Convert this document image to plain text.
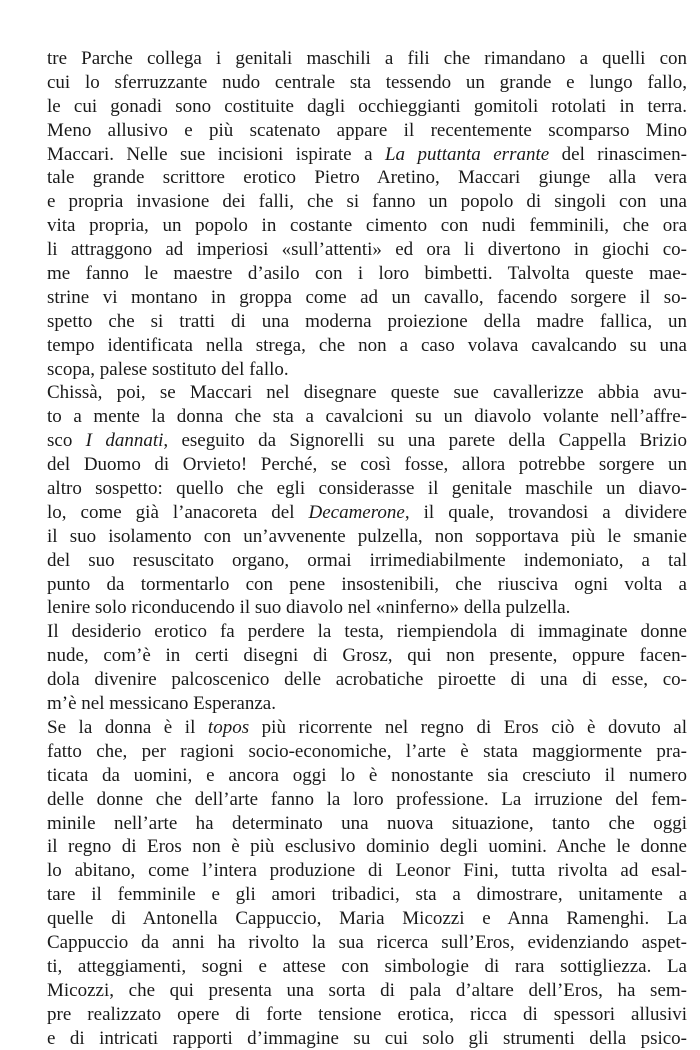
tre Parche collega i genitali maschili a fili che rimandano a quelli con
cui lo sferruzzante nudo centrale sta tessendo un grande e lungo fallo,
le cui gonadi sono costituite dagli occhieggianti gomitoli rotolati in terra.
Meno allusivo e più scatenato appare il recentemente scomparso Mino
Maccari. Nelle sue incisioni ispirate a La puttanta errante del rinascimen-
tale grande scrittore erotico Pietro Aretino, Maccari giunge alla vera
e propria invasione dei falli, che si fanno un popolo di singoli con una
vita propria, un popolo in costante cimento con nudi femminili, che ora
li attraggono ad imperiosi «sull’attenti» ed ora li divertono in giochi co-
me fanno le maestre d’asilo con i loro bimbetti. Talvolta queste mae-
strine vi montano in groppa come ad un cavallo, facendo sorgere il so-
spetto che si tratti di una moderna proiezione della madre fallica, un
tempo identificata nella strega, che non a caso volava cavalcando su una
scopa, palese sostituto del fallo.
Chissà, poi, se Maccari nel disegnare queste sue cavallerizze abbia avu-
to a mente la donna che sta a cavalcioni su un diavolo volante nell’affre-
sco I dannati, eseguito da Signorelli su una parete della Cappella Brizio
del Duomo di Orvieto! Perché, se così fosse, allora potrebbe sorgere un
altro sospetto: quello che egli considerasse il genitale maschile un diavo-
lo, come già l’anacoreta del Decamerone, il quale, trovandosi a dividere
il suo isolamento con un’avvenente pulzella, non sopportava più le smanie
del suo resuscitato organo, ormai irrimediabilmente indemoniato, a tal
punto da tormentarlo con pene insostenibili, che riusciva ogni volta a
lenire solo riconducendo il suo diavolo nel «ninferno» della pulzella.
Il desiderio erotico fa perdere la testa, riempiendola di immaginate donne
nude, com’è in certi disegni di Grosz, qui non presente, oppure facen-
dola divenire palcoscenico delle acrobatiche piroette di una di esse, co-
m’è nel messicano Esperanza.
Se la donna è il topos più ricorrente nel regno di Eros ciò è dovuto al
fatto che, per ragioni socio-economiche, l’arte è stata maggiormente pra-
ticata da uomini, e ancora oggi lo è nonostante sia cresciuto il numero
delle donne che dell’arte fanno la loro professione. La irruzione del fem-
minile nell’arte ha determinato una nuova situazione, tanto che oggi
il regno di Eros non è più esclusivo dominio degli uomini. Anche le donne
lo abitano, come l’intera produzione di Leonor Fini, tutta rivolta ad esal-
tare il femminile e gli amori tribadici, sta a dimostrare, unitamente a
quelle di Antonella Cappuccio, Maria Micozzi e Anna Ramenghi. La
Cappuccio da anni ha rivolto la sua ricerca sull’Eros, evidenziando aspet-
ti, atteggiamenti, sogni e attese con simbologie di rara sottigliezza. La
Micozzi, che qui presenta una sorta di pala d’altare dell’Eros, ha sem-
pre realizzato opere di forte tensione erotica, ricca di spessori allusivi
e di intricati rapporti d’immagine su cui solo gli strumenti della psico-
